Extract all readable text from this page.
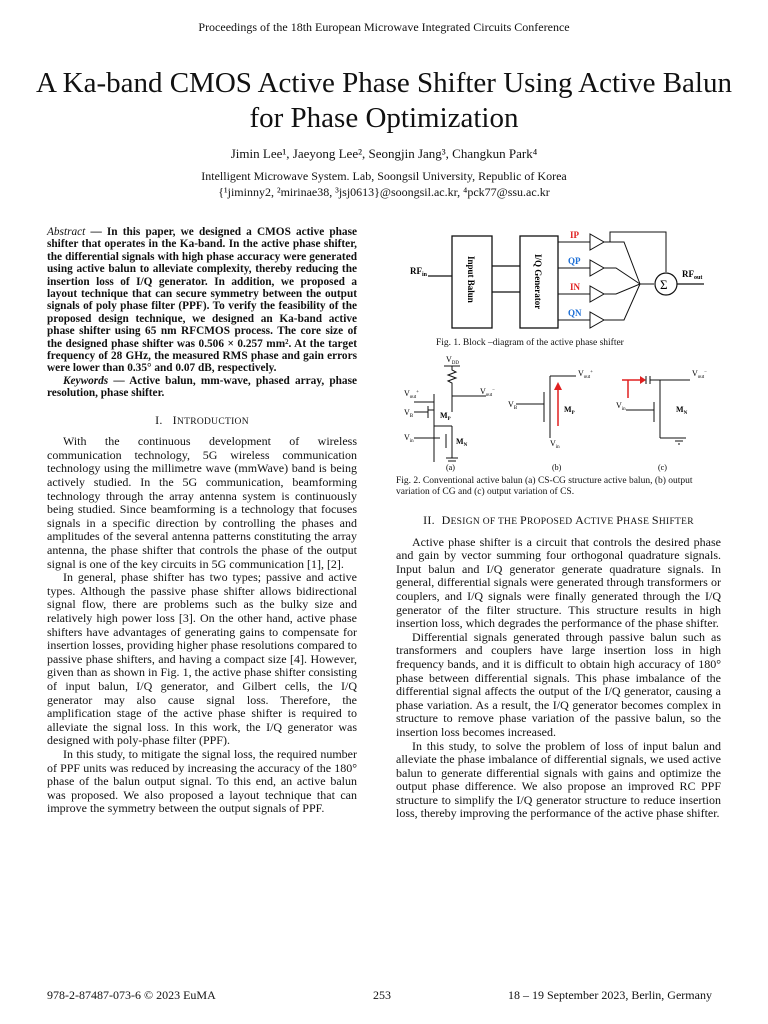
Proceedings of the 18th European Microwave Integrated Circuits Conference
A Ka-band CMOS Active Phase Shifter Using Active Balun for Phase Optimization
Jimin Lee¹, Jaeyong Lee², Seongjin Jang³, Changkun Park⁴
Intelligent Microwave System. Lab, Soongsil University, Republic of Korea
{¹jiminny2, ²mirinae38, ³jsj0613}@soongsil.ac.kr, ⁴pck77@ssu.ac.kr
Abstract — In this paper, we designed a CMOS active phase shifter that operates in the Ka-band. In the active phase shifter, the differential signals with high phase accuracy were generated using active balun to alleviate complexity, thereby reducing the insertion loss of I/Q generator. In addition, we proposed a layout technique that can secure symmetry between the output signals of poly phase filter (PPF). To verify the feasibility of the proposed design technique, we designed an Ka-band active phase shifter using 65 nm RFCMOS process. The core size of the designed phase shifter was 0.506 × 0.257 mm². At the target frequency of 28 GHz, the measured RMS phase and gain errors were lower than 0.35° and 0.07 dB, respectively.
Keywords — Active balun, mm-wave, phased array, phase resolution, phase shifter.
I. INTRODUCTION

With the continuous development of wireless communication technology, 5G wireless communication technology using the millimetre wave (mmWave) band is being actively studied. In the 5G communication, beamforming technology through the array antenna system is continuously being studied. Since beamforming is a technology that focuses signals in a specific direction by controlling the phases and amplitudes of the several antenna patterns constituting the array antenna, the phase shifter that controls the phase of the output signal is one of the key circuits in 5G communication [1], [2].

In general, phase shifter has two types; passive and active types. Although the passive phase shifter allows bidirectional signal flow, there are problems such as the bulky size and relatively high power loss [3]. On the other hand, active phase shifters have advantages of generating gains to compensate for insertion losses, providing higher phase resolutions compared to passive phase shifters, and having a compact size [4]. However, given than as shown in Fig. 1, the active phase shifter consisting of input balun, I/Q generator, and Gilbert cells, the I/Q generator may also cause signal loss. Therefore, the amplification stage of the active phase shifter is required to alleviate the signal loss. In this work, the I/Q generator was designed with poly-phase filter (PPF).

In this study, to mitigate the signal loss, the required number of PPF units was reduced by increasing the accuracy of the 180° phase of the balun output signal. To this end, an active balun was proposed. We also proposed a layout technique that can improve the symmetry between the output signals of PPF.

$RF_{in}$	Input Balun	I/Q Generator
IP
QP
IN
QN
Σ
$RF_{out}$
Fig. 1. Block –diagram of the active phase shifter
$V_{DD}$
$V_{out}^-$
$V_{out}^+$
$V_B$	$M_P$
$V_{in}$	$M_N$
(a)
$V_{out}^+$
$V_B$	$M_P$
$V_{in}$
(b)
$V_{out}^-$
$V_{in}$	$M_N$
(c)
Fig. 2. Conventional active balun (a) CS-CG structure active balun, (b) output variation of CG and (c) output variation of CS.
II. DESIGN OF THE PROPOSED ACTIVE PHASE SHIFTER

Active phase shifter is a circuit that controls the desired phase and gain by vector summing four orthogonal quadrature signals. Input balun and I/Q generator generate quadrature signals. In general, differential signals were generated through transformers or couplers, and I/Q signals were finally generated through the I/Q generator of the filter structure. This structure results in high insertion loss, which degrades the performance of the phase shifter.

Differential signals generated through passive balun such as transformers and couplers have large insertion loss in high frequency bands, and it is difficult to obtain high accuracy of 180° phase between differential signals. This phase imbalance of the differential signal affects the output of the I/Q generator, causing a phase variation. As a result, the I/Q generator becomes complex in structure to remove phase variation of the passive balun, so the insertion loss becomes increased.

In this study, to solve the problem of loss of input balun and alleviate the phase imbalance of differential signals, we used active balun to generate differential signals with gains and optimize the output phase difference. We also propose an improved RC PPF structure to simplify the I/Q generator structure to reduce insertion loss, thereby improving the performance of the active phase shifter.

978-2-87487-073-6 © 2023 EuMA	253	18 – 19 September 2023, Berlin, Germany
